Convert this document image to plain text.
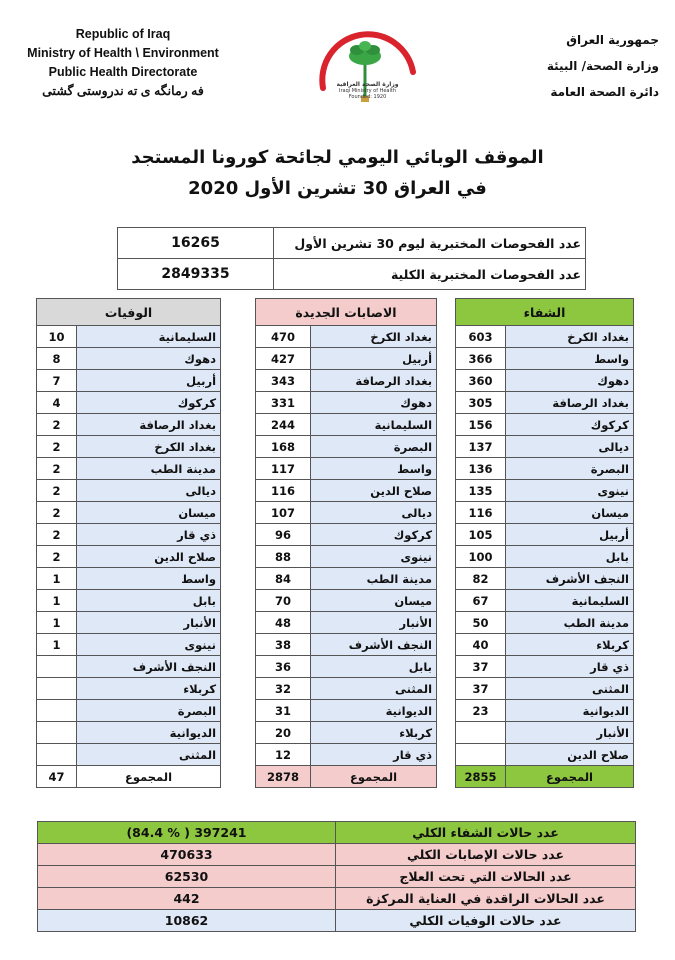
Republic of Iraq
Ministry of Health \ Environment
Public Health Directorate
فه رمانگه ى ته ندروستى گشتى	وزارة الصحة العراقية
Iraqi Ministry of Health
Founded: 1920
جمهورية العراق
وزارة الصحة/ البيئة
دائرة الصحة العامة
الموقف الوبائي اليومي لجائحة كورونا المستجد
في العراق 30 تشرين الأول 2020
عدد الفحوصات المختبرية ليوم 30 تشرين الأول	16265
عدد الفحوصات المختبرية الكلية	2849335
الشفاء	
بغداد الكرخ	603
واسط	366
دهوك	360
بغداد الرصافة	305
كركوك	156
ديالى	137
البصرة	136
نينوى	135
ميسان	116
أربيل	105
بابل	100
النجف الأشرف	82
السليمانية	67
مدينة الطب	50
كربلاء	40
ذي قار	37
المثنى	37
الديوانية	23
الأنبار	
صلاح الدين	
المجموع	2855
الاصابات الجديدة	
بغداد الكرخ	470
أربيل	427
بغداد الرصافة	343
دهوك	331
السليمانية	244
البصرة	168
واسط	117
صلاح الدين	116
ديالى	107
كركوك	96
نينوى	88
مدينة الطب	84
ميسان	70
الأنبار	48
النجف الأشرف	38
بابل	36
المثنى	32
الديوانية	31
كربلاء	20
ذي قار	12
المجموع	2878
الوفيات	
السليمانية	10
دهوك	8
أربيل	7
كركوك	4
بغداد الرصافة	2
بغداد الكرخ	2
مدينة الطب	2
ديالى	2
ميسان	2
ذي قار	2
صلاح الدين	2
واسط	1
بابل	1
الأنبار	1
نينوى	1
النجف الأشرف	
كربلاء	
البصرة	
الديوانية	
المثنى	
المجموع	47
عدد حالات الشفاء الكلي	(84.4 % ) 397241
عدد حالات الإصابات الكلي	470633
عدد الحالات التي تحت العلاج	62530
عدد الحالات الراقدة في العناية المركزة	442
عدد حالات الوفيات الكلي	10862
